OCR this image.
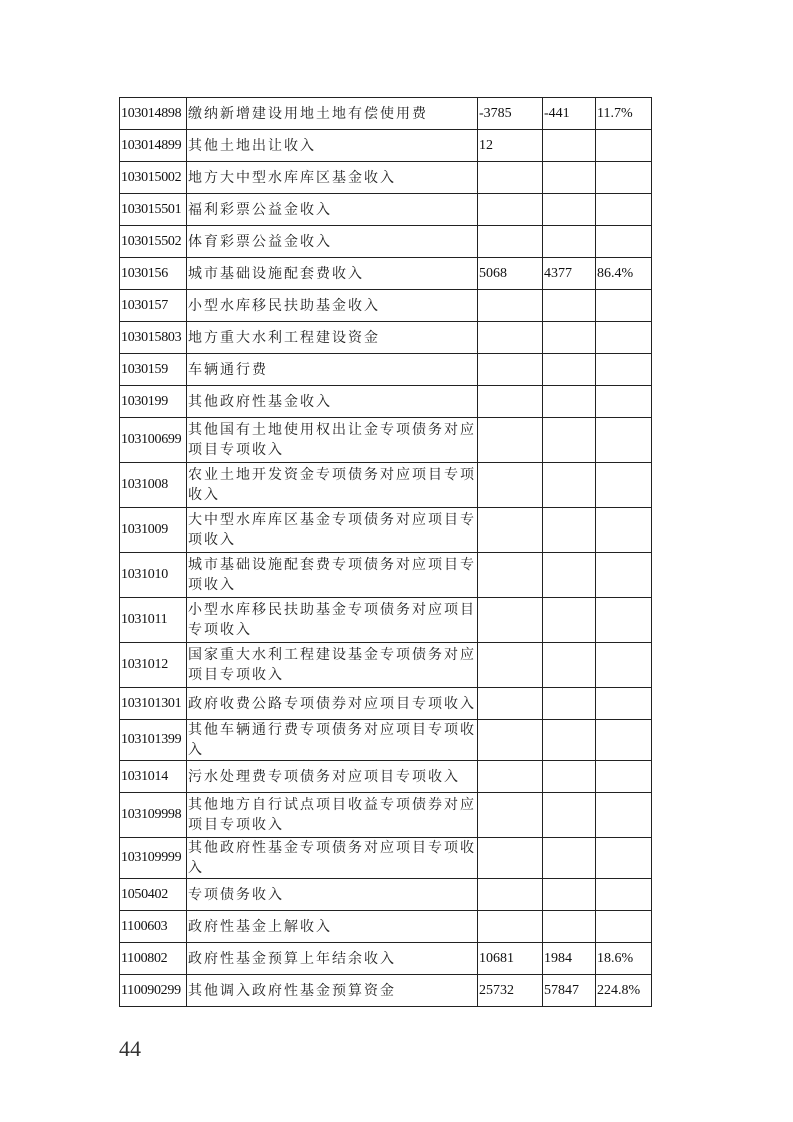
103014898	缴纳新增建设用地土地有偿使用费	-3785	-441	11.7%
103014899	其他土地出让收入	12		
103015002	地方大中型水库库区基金收入			
103015501	福利彩票公益金收入			
103015502	体育彩票公益金收入			
1030156	城市基础设施配套费收入	5068	4377	86.4%
1030157	小型水库移民扶助基金收入			
103015803	地方重大水利工程建设资金			
1030159	车辆通行费			
1030199	其他政府性基金收入			
103100699	其他国有土地使用权出让金专项债务对应项目专项收入			
1031008	农业土地开发资金专项债务对应项目专项收入			
1031009	大中型水库库区基金专项债务对应项目专项收入			
1031010	城市基础设施配套费专项债务对应项目专项收入			
1031011	小型水库移民扶助基金专项债务对应项目专项收入			
1031012	国家重大水利工程建设基金专项债务对应项目专项收入			
103101301	政府收费公路专项债券对应项目专项收入			
103101399	其他车辆通行费专项债务对应项目专项收入			
1031014	污水处理费专项债务对应项目专项收入			
103109998	其他地方自行试点项目收益专项债券对应项目专项收入			
103109999	其他政府性基金专项债务对应项目专项收入			
1050402	专项债务收入			
1100603	政府性基金上解收入			
1100802	政府性基金预算上年结余收入	10681	1984	18.6%
110090299	其他调入政府性基金预算资金	25732	57847	224.8%
44
